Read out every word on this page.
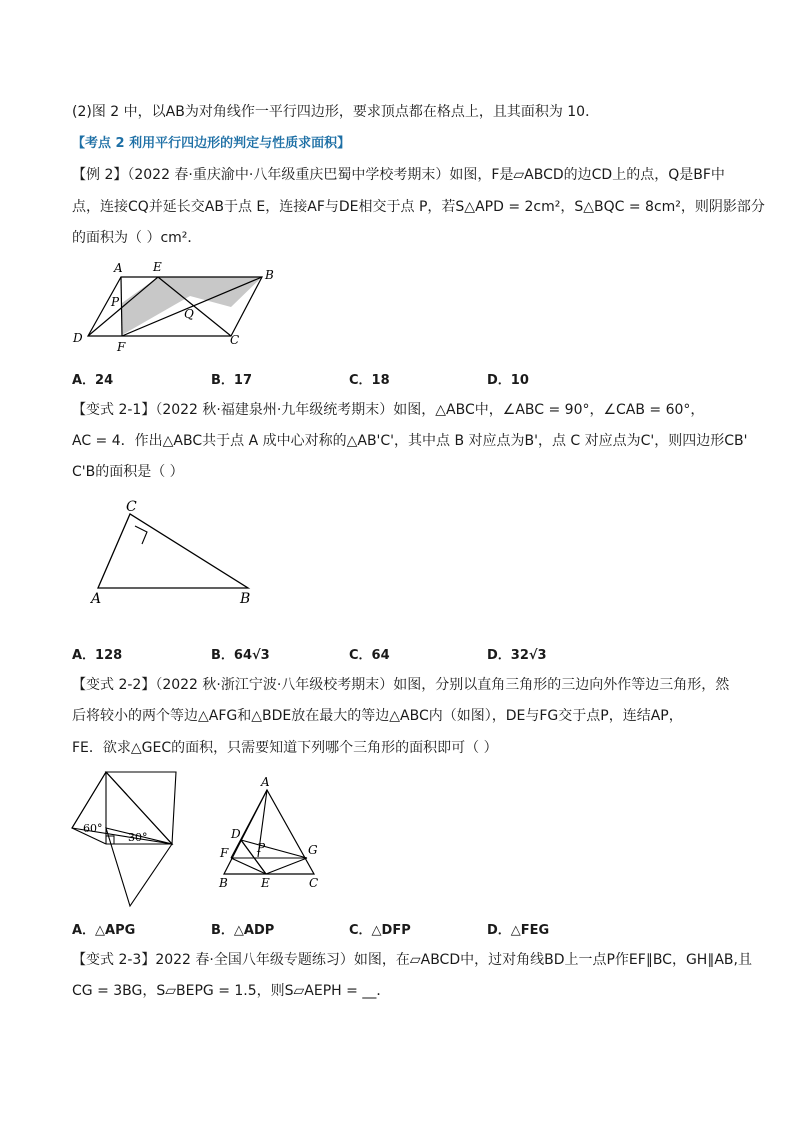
(2)图 2 中，以AB为对角线作一平行四边形，要求顶点都在格点上，且其面积为 10．
【考点 2 利用平行四边形的判定与性质求面积】
【例 2】（2022 春·重庆渝中·八年级重庆巴蜀中学校考期末）如图，F是▱ABCD的边CD上的点，Q是BF中
点，连接CQ并延长交AB于点 E，连接AF与DE相交于点 P，若S△APD = 2cm²，S△BQC = 8cm²，则阴影部分
的面积为（ ）cm²．
A	E
B
P
Q
D
F	C
A．24	B．17	C．18	D．10
【变式 2-1】（2022 秋·福建泉州·九年级统考期末）如图，△ABC中，∠ABC = 90°，∠CAB = 60°，
AC = 4．作出△ABC共于点 A 成中心对称的△AB'C'，其中点 B 对应点为B'，点 C 对应点为C'，则四边形CB'
C'B的面积是（ ）
C
A	B
A．128	B．64√3	C．64	D．32√3
【变式 2-2】（2022 秋·浙江宁波·八年级校考期末）如图，分别以直角三角形的三边向外作等边三角形，然
后将较小的两个等边△AFG和△BDE放在最大的等边△ABC内（如图），DE与FG交于点P，连结AP，
FE．欲求△GEC的面积，只需要知道下列哪个三角形的面积即可（ ）
60°
30°
A
D
F P	G
B	E	C
A．△APG	B．△ADP	C．△DFP	D．△FEG
【变式 2-3】2022 春·全国八年级专题练习）如图，在▱ABCD中，过对角线BD上一点P作EF∥BC，GH∥AB,且
CG = 3BG，S▱BEPG = 1.5，则S▱AEPH = __．
